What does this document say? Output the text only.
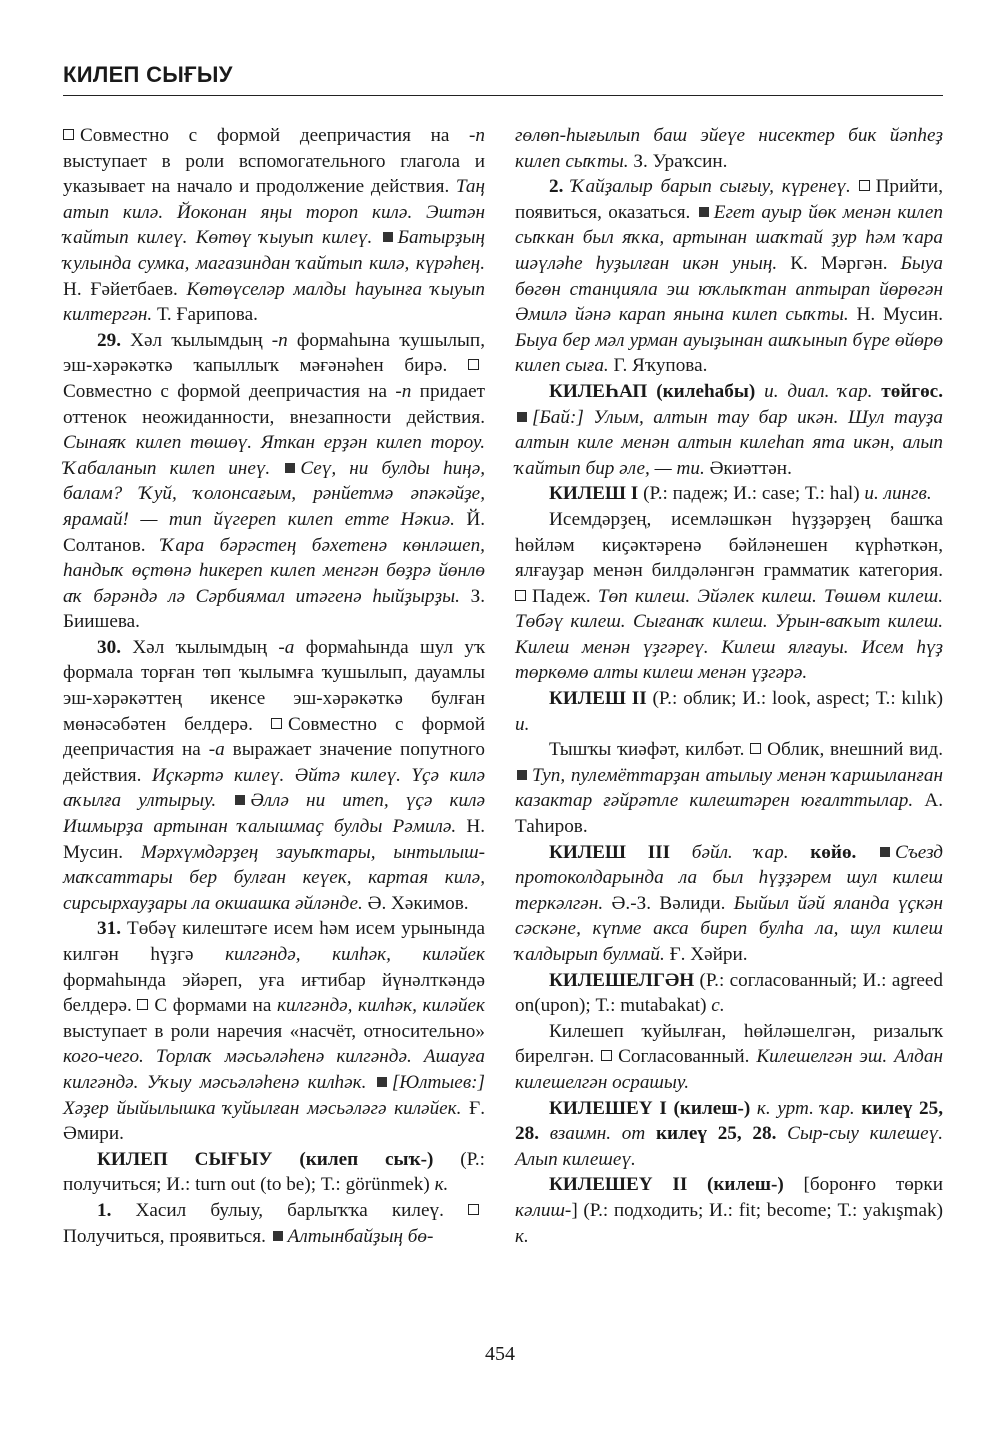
КИЛЕП СЫҒЫУ

Совместно с формой деепричастия на -п выступает в роли вспомогательного глагола и указывает на начало и продолжение действия. Таң атып килә. Йоконан яңы тороп килә. Эштән ҡайтып килеү. Көтөү ҡыуып килеү. Батырҙың ҡулында сумка, магазиндан ҡайтып килә, күрәһең. Н. Ғәйетбаев. Көтөүселәр малды һауынға ҡыуып килтергән. Т. Ғарипова.

29. Хәл ҡылымдың -п формаһына ҡушылып, эш-хәрәкәткә ҡапыллыҡ мәғәнәһен бирә. Совместно с формой деепричастия на -п придает оттенок неожиданности, внезапности действия. Сынаяҡ килеп төшөү. Яткан ерҙән килеп тороу. Ҡабаланып килеп инеү. Сеү, ни булды һиңә, балам? Ҡуй, ҡолонсағым, рәнйетмә әпәкәйҙе, ярамай! — тип йүгереп килеп етте Нәкиә. Й. Солтанов. Ҡара бәрәстең бәхетенә көнләшеп, һандыҡ өҫтөнә һикереп килеп менгән бөҙрә йөнлө аҡ бәрәндә лә Сәрбиямал итәгенә һыйҙырҙы. З. Биишева.

30. Хәл ҡылымдың -а формаһында шул уҡ формала торған төп ҡылымға ҡушылып, дауамлы эш-хәрәкәттең икенсе эш-хәрәкәткә булған мөнәсәбәтен белдерә. Совместно с формой деепричастия на -а выражает значение попутного действия. Иҫкәртә килеү. Әйтә килеү. Үҫә килә аҡылға ултырыу. Әллә ни итеп, үҫә килә Ишмырҙа артынан ҡалышмаҫ булды Рәмилә. Н. Мусин. Мәрхүмдәрҙең зауыҡтары, ынтылыш-маҡсаттары бер булған кеүек, картая килә, сирсырхауҙары ла окшашка әйләнде. Ә. Хәкимов.

31. Төбәү килештәге исем һәм исем урынында килгән һүҙгә килгәндә, килһәк, киләйек формаһында эйәреп, уға иғтибар йүнәлткәндә белдерә. С формами на килгәндә, килһәк, киләйек выступает в роли наречия «насчёт, относительно» кого-чего. Торлаҡ мәсьәләһенә килгәндә. Ашауға килгәндә. Уҡыу мәсьәләһенә килһәк. [Юлтыев:] Хәҙер йыйылышка ҡуйылған мәсьәләгә киләйек. Ғ. Әмири.

КИЛЕП СЫҒЫУ (килеп сыҡ-) (Р.: получиться; И.: turn out (to be); Т.: görünmek) к.

1. Хасил булыу, барлыҡҡа килеү. Получиться, проявиться. Алтынбайҙың бө-

гөлөп-һығылып баш эйеүе нисектер бик йәпһеҙ килеп сыҡты. З. Ураҡсин.

2. Ҡайҙалыр барып сығыу, күренеү. Прийти, появиться, оказаться. Егет ауыр йөк менән килеп сыҡкан был яҡка, артынан шаҡтай ҙур һәм ҡара шәүләһе һуҙылған икән уның. К. Мәргән. Быуа бөгөн станцияла эш юҡлыҡтан аптырап йөрөгән Әмилә йәнә карап янына килеп сыҡты. Н. Мусин. Быуа бер мәл урман ауыҙынан ашҡынып бүре өйөрө килеп сыға. Г. Яҡупова.

КИЛЕҺАП (килеһабы) и. диал. ҡар. төйгөс. [Бай:] Улым, алтын тау бар икән. Шул тауҙа алтын киле менән алтын килеһап ята икән, алып ҡайтып бир әле, — ти. Әкиәттән.

КИЛЕШ I (Р.: падеж; И.: case; Т.: hal) и. лингв.

Исемдәрҙең, исемләшкән һүҙҙәрҙең башҡа һөйләм киҫәктәренә бәйләнешен күрһәткән, ялғауҙар менән билдәләнгән грамматик категория. Падеж. Төп килеш. Эйәлек килеш. Төшөм килеш. Төбәү килеш. Сығанаҡ килеш. Урын-ваҡыт килеш. Килеш менән үҙгәреү. Килеш ялғауы. Исем һүҙ төркөмө алты килеш менән үҙгәрә.

КИЛЕШ II (Р.: облик; И.: look, aspect; Т.: kılık) и.

Тышҡы ҡиәфәт, килбәт. Облик, внешний вид. Туп, пулемёттарҙан атылыу менән ҡаршыланған казактар ғәйрәтле килештәрен юғалттылар. А. Таһиров.

КИЛЕШ III бәйл. ҡар. көйө. Съезд протоколдарында ла был һүҙҙәрем шул килеш теркәлгән. Ә.-З. Вәлиди. Быйыл йәй яланда үҫкән сәскәне, күпме акса биреп булһа ла, шул килеш ҡалдырып булмай. Ғ. Хәйри.

КИЛЕШЕЛГӘН (Р.: согласованный; И.: agreed on(upon); Т.: mutabakat) с.

Килешеп ҡуйылған, һөйләшелгән, ризалыҡ бирелгән. Согласованный. Килешелгән эш. Алдан килешелгән осрашыу.

КИЛЕШЕҮ I (килеш-) к. урт. ҡар. килеү 25, 28. взаимн. от килеү 25, 28. Сыр-сыу килешеү. Алып килешеү.

КИЛЕШЕҮ II (килеш-) [боронғо төрки кәлиш-] (Р.: подходить; И.: fit; become; Т.: yakışmak) к.

454
